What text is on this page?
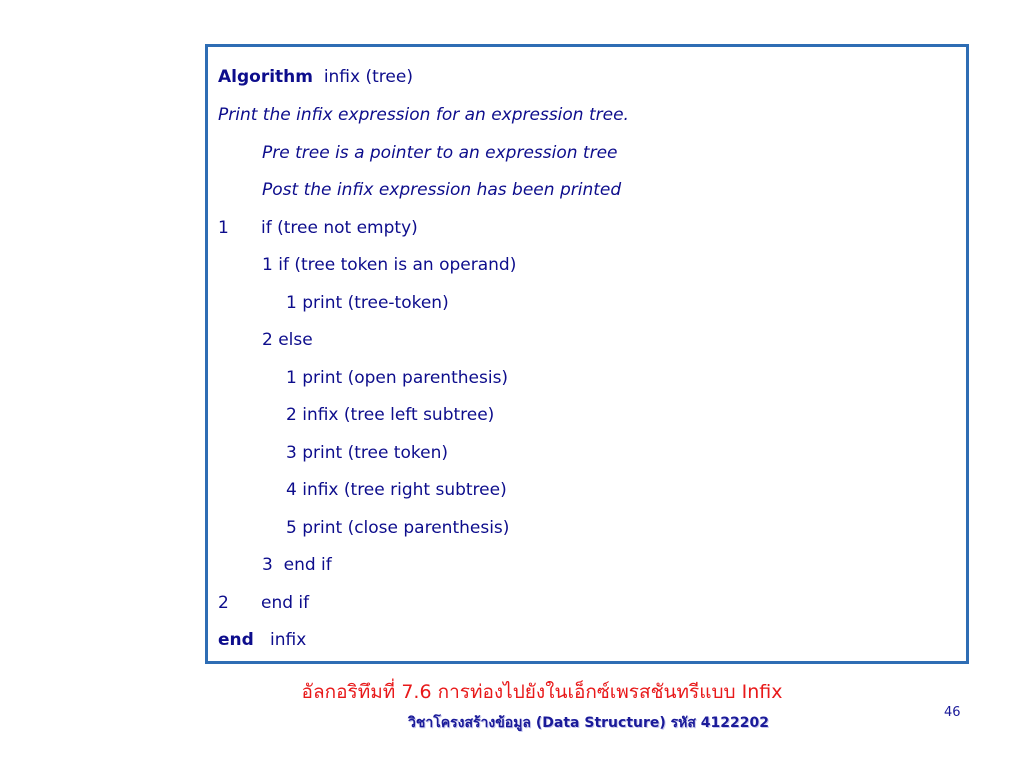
Algorithm infix (tree)
Print the infix expression for an expression tree.
Pre tree is a pointer to an expression tree
Post the infix expression has been printed
1 if (tree not empty)
1 if (tree token is an operand)
1 print (tree-token)
2 else
1 print (open parenthesis)
2 infix (tree left subtree)
3 print (tree token)
4 infix (tree right subtree)
5 print (close parenthesis)
3  end if
2 end if
end infix
อัลกอริทึมที่ 7.6 การท่องไปยังในเอ็กซ์เพรสชันทรีแบบ Infix
วิชาโครงสร้างข้อมูล (Data Structure) รหัส 4122202
46
